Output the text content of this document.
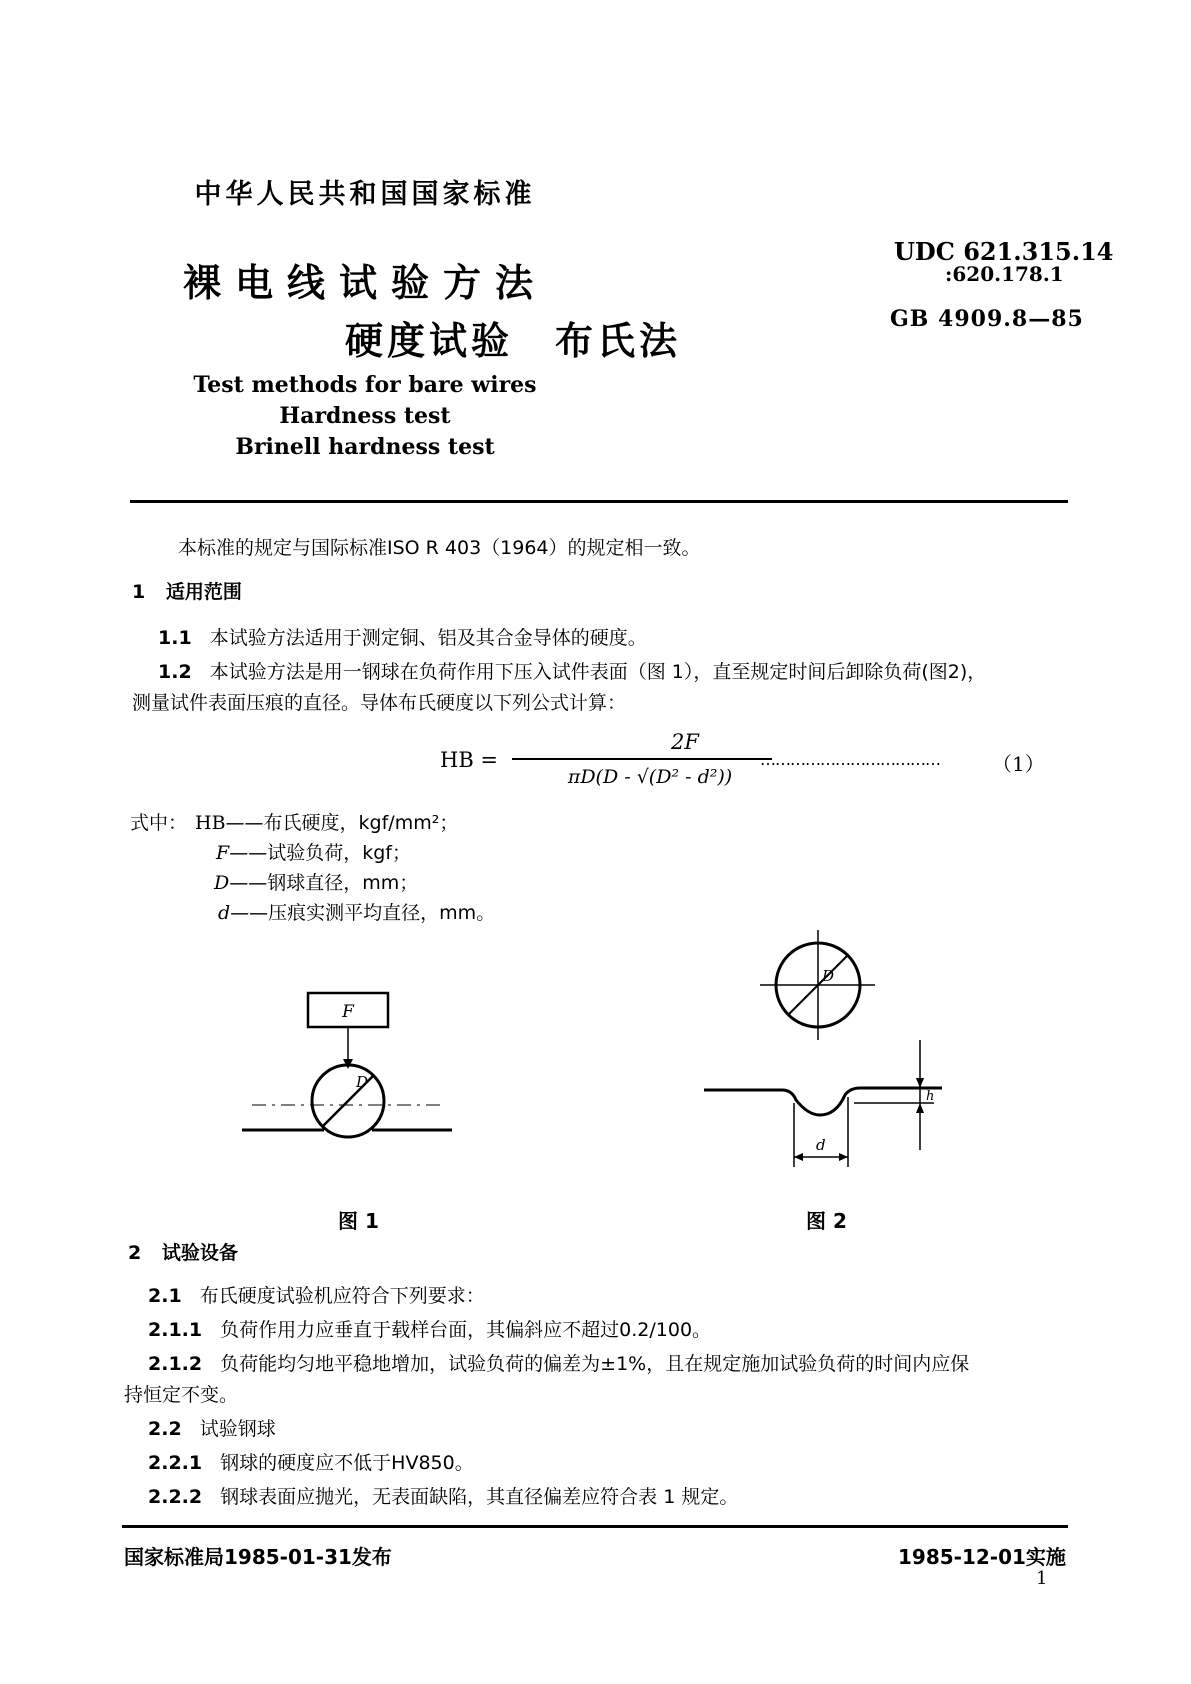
中华人民共和国国家标准
裸电线试验方法
硬度试验　布氏法
UDC 621.315.14
:620.178.1
GB 4909.8—85
Test methods for bare wires
Hardness test
Brinell hardness test
本标准的规定与国际标准ISO R 403（1964）的规定相一致。
1 适用范围
1.1 本试验方法适用于测定铜、铝及其合金导体的硬度。
1.2 本试验方法是用一钢球在负荷作用下压入试件表面（图 1），直至规定时间后卸除负荷(图2)，
测量试件表面压痕的直径。导体布氏硬度以下列公式计算：
HB =
2F
πD(D - √(D² - d²))
………………………………	（1）
式中： HB——布氏硬度，kgf/mm²；
F——试验负荷，kgf；
D——钢球直径，mm；
d——压痕实测平均直径，mm。
F
D
图 1
D
h
d
图 2
2 试验设备
2.1 布氏硬度试验机应符合下列要求：
2.1.1 负荷作用力应垂直于载样台面，其偏斜应不超过0.2/100。
2.1.2 负荷能均匀地平稳地增加，试验负荷的偏差为±1%，且在规定施加试验负荷的时间内应保
持恒定不变。
2.2 试验钢球
2.2.1 钢球的硬度应不低于HV850。
2.2.2 钢球表面应抛光，无表面缺陷，其直径偏差应符合表 1 规定。
国家标准局1985-01-31发布	1985-12-01实施
1
